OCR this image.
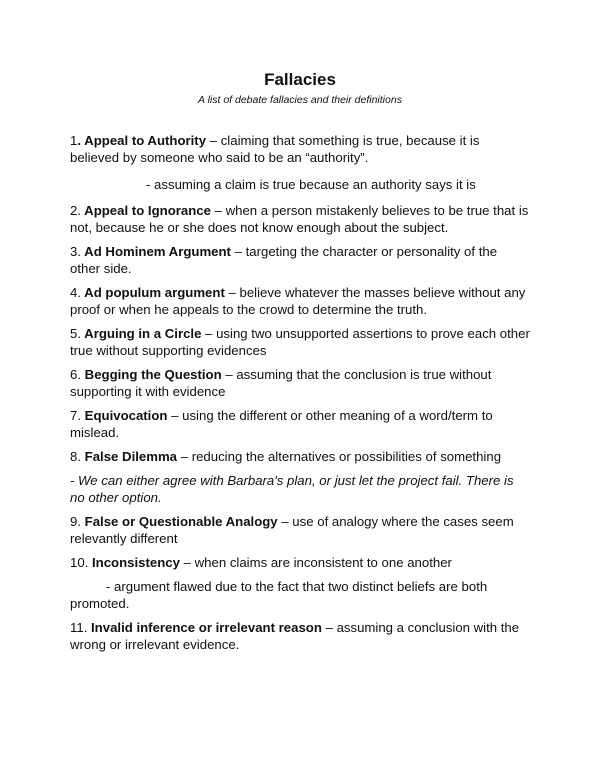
Fallacies
A list of debate fallacies and their definitions

1. Appeal to Authority – claiming that something is true, because it is believed by someone who said to be an “authority”.

- assuming a claim is true because an authority says it is

2. Appeal to Ignorance – when a person mistakenly believes to be true that is not, because he or she does not know enough about the subject.

3. Ad Hominem Argument – targeting the character or personality of the other side.

4. Ad populum argument – believe whatever the masses believe without any proof or when he appeals to the crowd to determine the truth.

5. Arguing in a Circle – using two unsupported assertions to prove each other true without supporting evidences

6. Begging the Question – assuming that the conclusion is true without supporting it with evidence

7. Equivocation – using the different or other meaning of a word/term to mislead.

8. False Dilemma – reducing the alternatives or possibilities of something

- We can either agree with Barbara's plan, or just let the project fail. There is no other option.

9. False or Questionable Analogy – use of analogy where the cases seem relevantly different

10. Inconsistency – when claims are inconsistent to one another

- argument flawed due to the fact that two distinct beliefs are both promoted.

11. Invalid inference or irrelevant reason – assuming a conclusion with the wrong or irrelevant evidence.
